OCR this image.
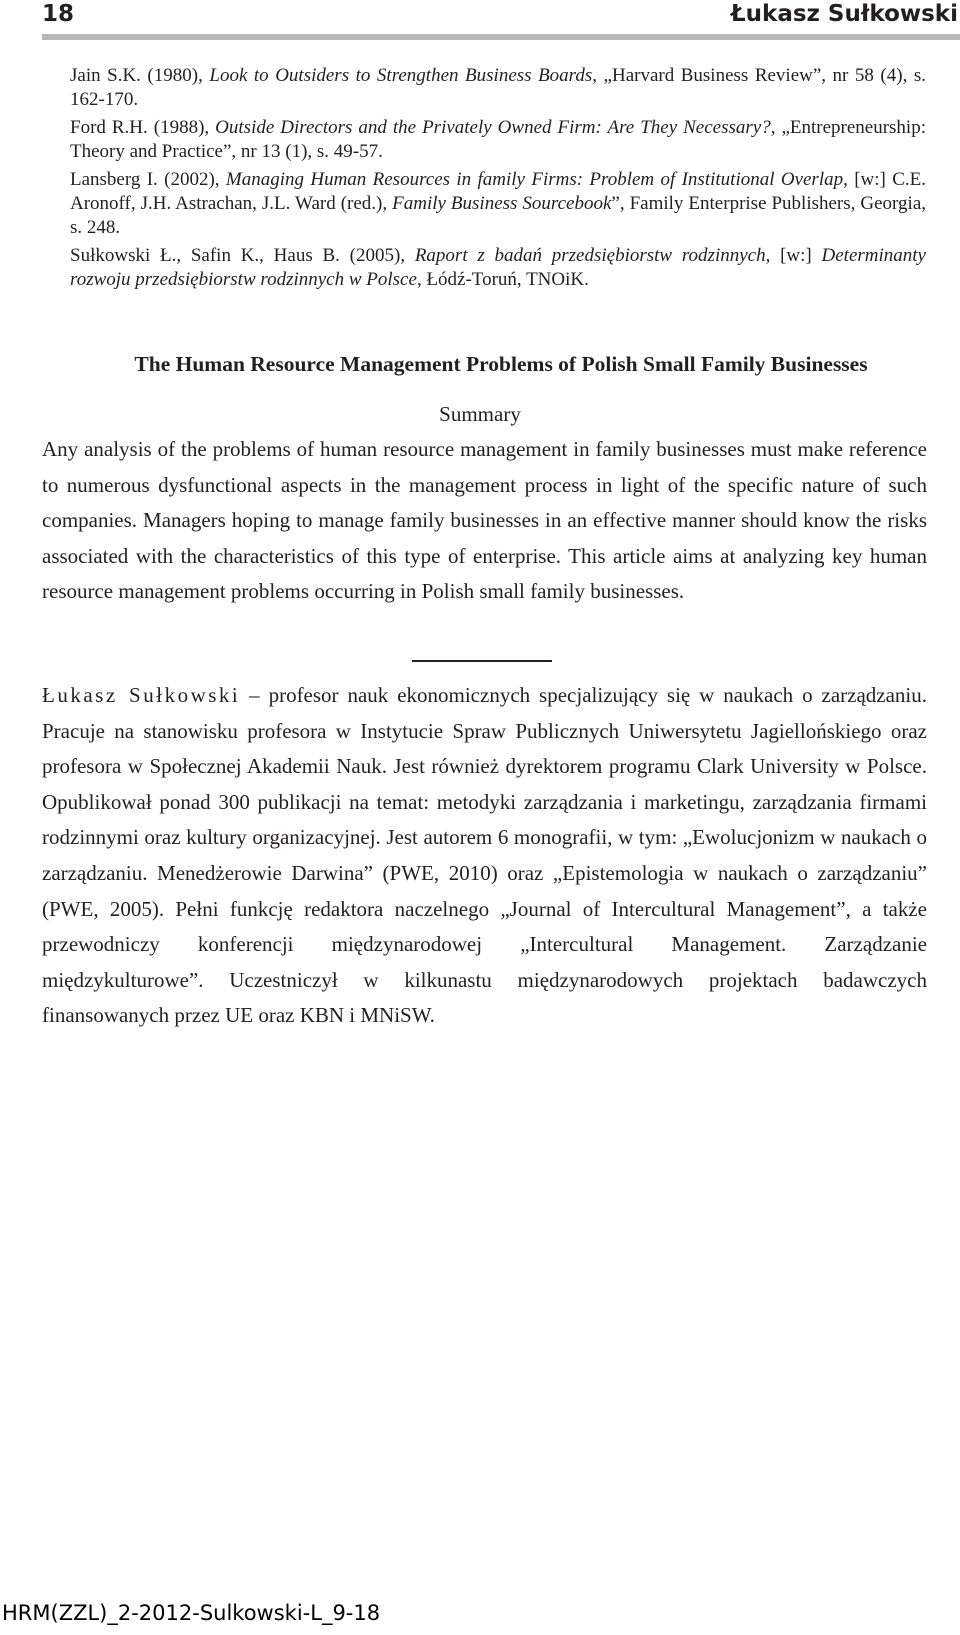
18	Łukasz Sułkowski

Jain S.K. (1980), Look to Outsiders to Strengthen Business Boards, „Harvard Business Review”, nr 58 (4), s. 162-170.

Ford R.H. (1988), Outside Directors and the Privately Owned Firm: Are They Necessary?, „Entrepreneurship: Theory and Practice”, nr 13 (1), s. 49-57.

Lansberg I. (2002), Managing Human Resources in family Firms: Problem of Institutional Overlap, [w:] C.E. Aronoff, J.H. Astrachan, J.L. Ward (red.), Family Business Sourcebook”, Family Enterprise Publishers, Georgia, s. 248.

Sułkowski Ł., Safin K., Haus B. (2005), Raport z badań przedsiębiorstw rodzinnych, [w:] Determinanty rozwoju przedsiębiorstw rodzinnych w Polsce, Łódź-Toruń, TNOiK.

The Human Resource Management Problems of Polish Small Family Businesses
Summary

Any analysis of the problems of human resource management in family businesses must make reference to numerous dysfunctional aspects in the management process in light of the specific nature of such companies. Managers hoping to manage family businesses in an effective manner should know the risks associated with the characteristics of this type of enterprise. This article aims at analyzing key human resource management problems occurring in Polish small family businesses.

Łukasz Sułkowski – profesor nauk ekonomicznych specjalizujący się w naukach o zarządzaniu. Pracuje na stanowisku profesora w Instytucie Spraw Publicznych Uniwersytetu Jagiellońskiego oraz profesora w Społecznej Akademii Nauk. Jest również dyrektorem programu Clark University w Polsce. Opublikował ponad 300 publikacji na temat: metodyki zarządzania i marketingu, zarządzania firmami rodzinnymi oraz kultury organizacyjnej. Jest autorem 6 monografii, w tym: „Ewolucjonizm w naukach o zarządzaniu. Menedżerowie Darwina” (PWE, 2010) oraz „Epistemologia w naukach o zarządzaniu” (PWE, 2005). Pełni funkcję redaktora naczelnego „Journal of Intercultural Management”, a także przewodniczy konferencji międzynarodowej „Intercultural Management. Zarządzanie międzykulturowe”. Uczestniczył w kilkunastu międzynarodowych projektach badawczych finansowanych przez UE oraz KBN i MNiSW.

HRM(ZZL)_2-2012-Sulkowski-L_9-18
